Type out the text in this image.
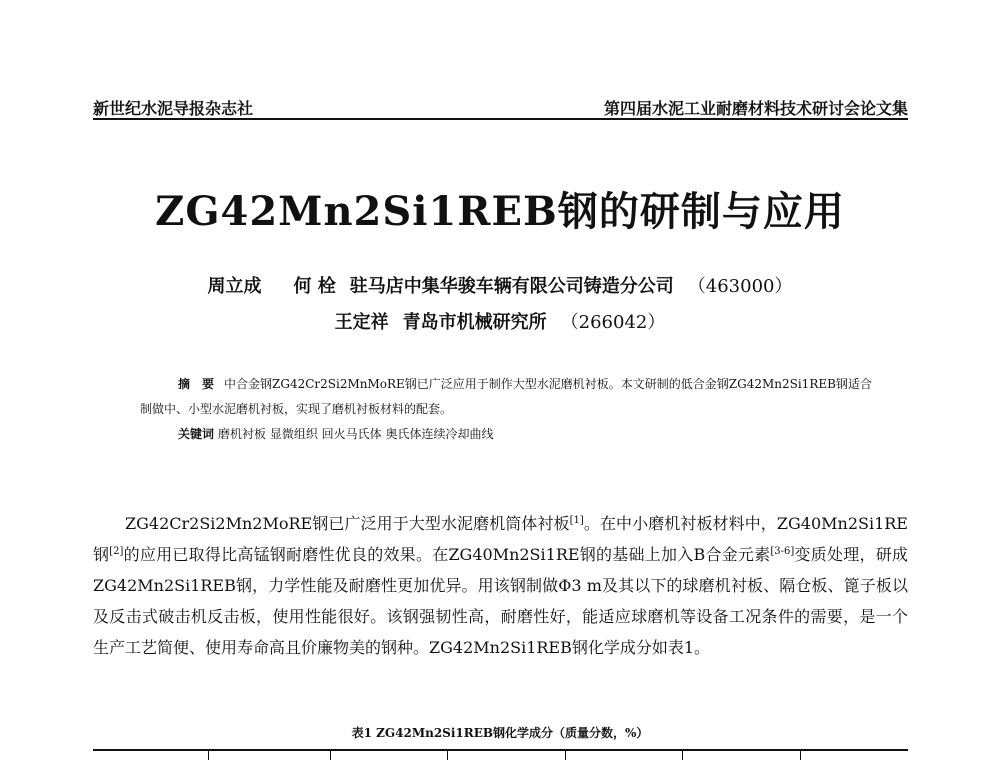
新世纪水泥导报杂志社	第四届水泥工业耐磨材料技术研讨会论文集
ZG42Mn2Si1REB钢的研制与应用
周立成 何 栓 驻马店中集华骏车辆有限公司铸造分公司 （463000）
王定祥 青岛市机械研究所 （266042）
摘　要 中合金钢ZG42Cr2Si2MnMoRE钢已广泛应用于制作大型水泥磨机衬板。本文研制的低合金钢ZG42Mn2Si1REB钢适合制做中、小型水泥磨机衬板，实现了磨机衬板材料的配套。
关键词 磨机衬板 显微组织 回火马氏体 奥氏体连续冷却曲线
ZG42Cr2Si2Mn2MoRE钢已广泛用于大型水泥磨机筒体衬板[1]。在中小磨机衬板材料中，ZG40Mn2Si1RE钢[2]的应用已取得比高锰钢耐磨性优良的效果。在ZG40Mn2Si1RE钢的基础上加入B合金元素[3-6]变质处理，研成ZG42Mn2Si1REB钢，力学性能及耐磨性更加优异。用该钢制做Φ3 m及其以下的球磨机衬板、隔仓板、篦子板以及反击式破击机反击板，使用性能很好。该钢强韧性高，耐磨性好，能适应球磨机等设备工况条件的需要，是一个生产工艺简便、使用寿命高且价廉物美的钢种。ZG42Mn2Si1REB钢化学成分如表1。
表1 ZG42Mn2Si1REB钢化学成分（质量分数，%）
